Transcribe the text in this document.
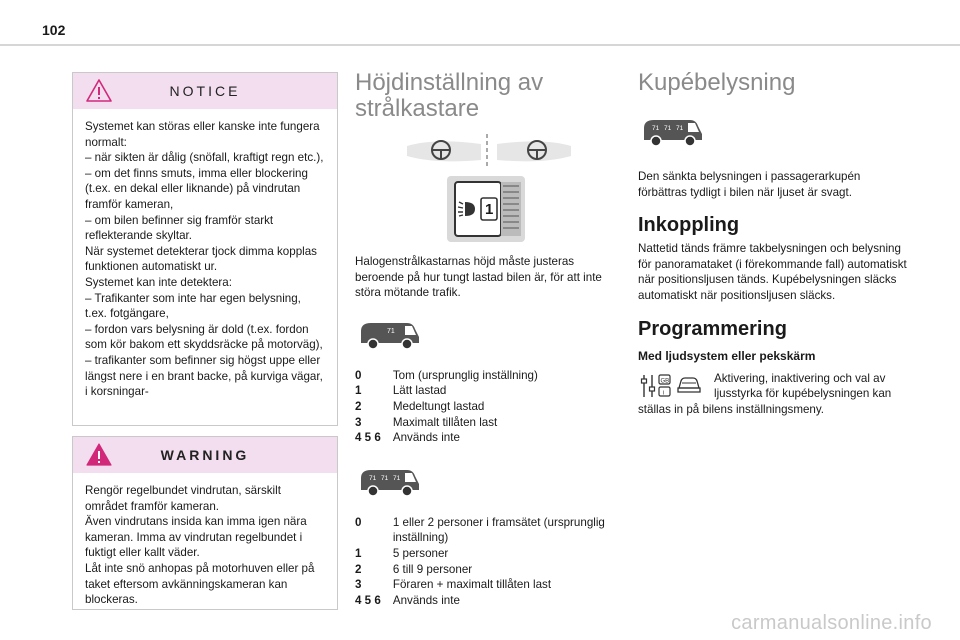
102
NOTICE

Systemet kan störas eller kanske inte fungera normalt:

– när sikten är dålig (snöfall, kraftigt regn etc.),

– om det finns smuts, imma eller blockering (t.ex. en dekal eller liknande) på vindrutan framför kameran,

– om bilen befinner sig framför starkt reflekterande skyltar.

När systemet detekterar tjock dimma kopplas funktionen automatiskt ur.

Systemet kan inte detektera:

– Trafikanter som inte har egen belysning, t.ex. fotgängare,

– fordon vars belysning är dold (t.ex. fordon som kör bakom ett skyddsräcke på motorväg),

– trafikanter som befinner sig högst uppe eller längst nere i en brant backe, på kurviga vägar, i korsningar-

WARNING

Rengör regelbundet vindrutan, särskilt området framför kameran.

Även vindrutans insida kan imma igen nära kameran. Imma av vindrutan regelbundet i fuktigt eller kallt väder.

Låt inte snö anhopas på motorhuven eller på taket eftersom avkänningskameran kan blockeras.

Höjdinställning av strålkastare
1

Halogenstrålkastarnas höjd måste justeras beroende på hur tungt lastad bilen är, för att inte störa mötande trafik.

71
0	Tom (ursprunglig inställning)
1	Lätt lastad
2	Medeltungt lastad
3	Maximalt tillåten last
4 5 6	Används inte
71 71 71
0	1 eller 2 personer i framsätet (ursprunglig inställning)
1	5 personer
2	6 till 9 personer
3	Föraren + maximalt tillåten last
4 5 6	Används inte
Kupébelysning
71 71 71

Den sänkta belysningen i passagerarkupén förbättras tydligt i bilen när ljuset är svagt.

Inkoppling

Nattetid tänds främre takbelysningen och belysning för panoramataket (i förekommande fall) automatiskt när positionsljusen tänds. Kupébelysningen släcks automatiskt när positionsljusen släcks.

Programmering

Med ljudsystem eller pekskärm

GB
i
Aktivering, inaktivering och val av
ljusstyrka för kupébelysningen kan
ställas in på bilens inställningsmeny.
carmanualsonline.info
